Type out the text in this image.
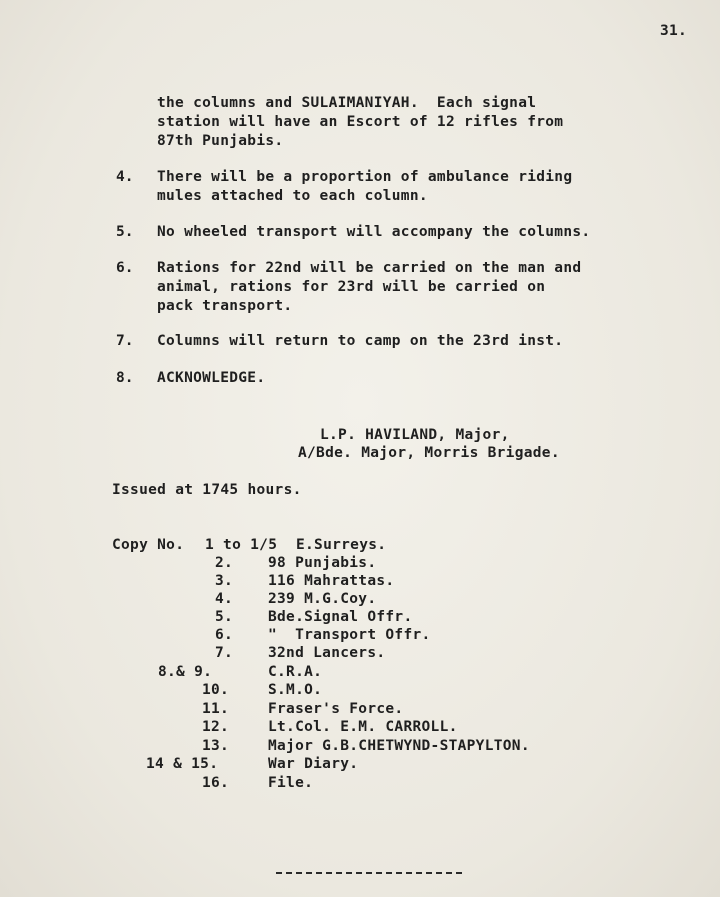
31.
the columns and SULAIMANIYAH.  Each signal
station will have an Escort of 12 rifles from
87th Punjabis.
4. There will be a proportion of ambulance riding
mules attached to each column.
5. No wheeled transport will accompany the columns.
6. Rations for 22nd will be carried on the man and
animal, rations for 23rd will be carried on
pack transport.
7. Columns will return to camp on the 23rd inst.
8. ACKNOWLEDGE.
L.P. HAVILAND, Major,
A/Bde. Major, Morris Brigade.
Issued at 1745 hours.
Copy No. 1 to 1/5 E.Surreys.
2. 98 Punjabis.
3. 116 Mahrattas.
4. 239 M.G.Coy.
5. Bde.Signal Offr.
6. "  Transport Offr.
7. 32nd Lancers.
8.& 9.	C.R.A.
10.	S.M.O.
11.	Fraser's Force.
12.	Lt.Col. E.M. CARROLL.
13.	Major G.B.CHETWYND-STAPYLTON.
14 & 15.	War Diary.
16.	File.
